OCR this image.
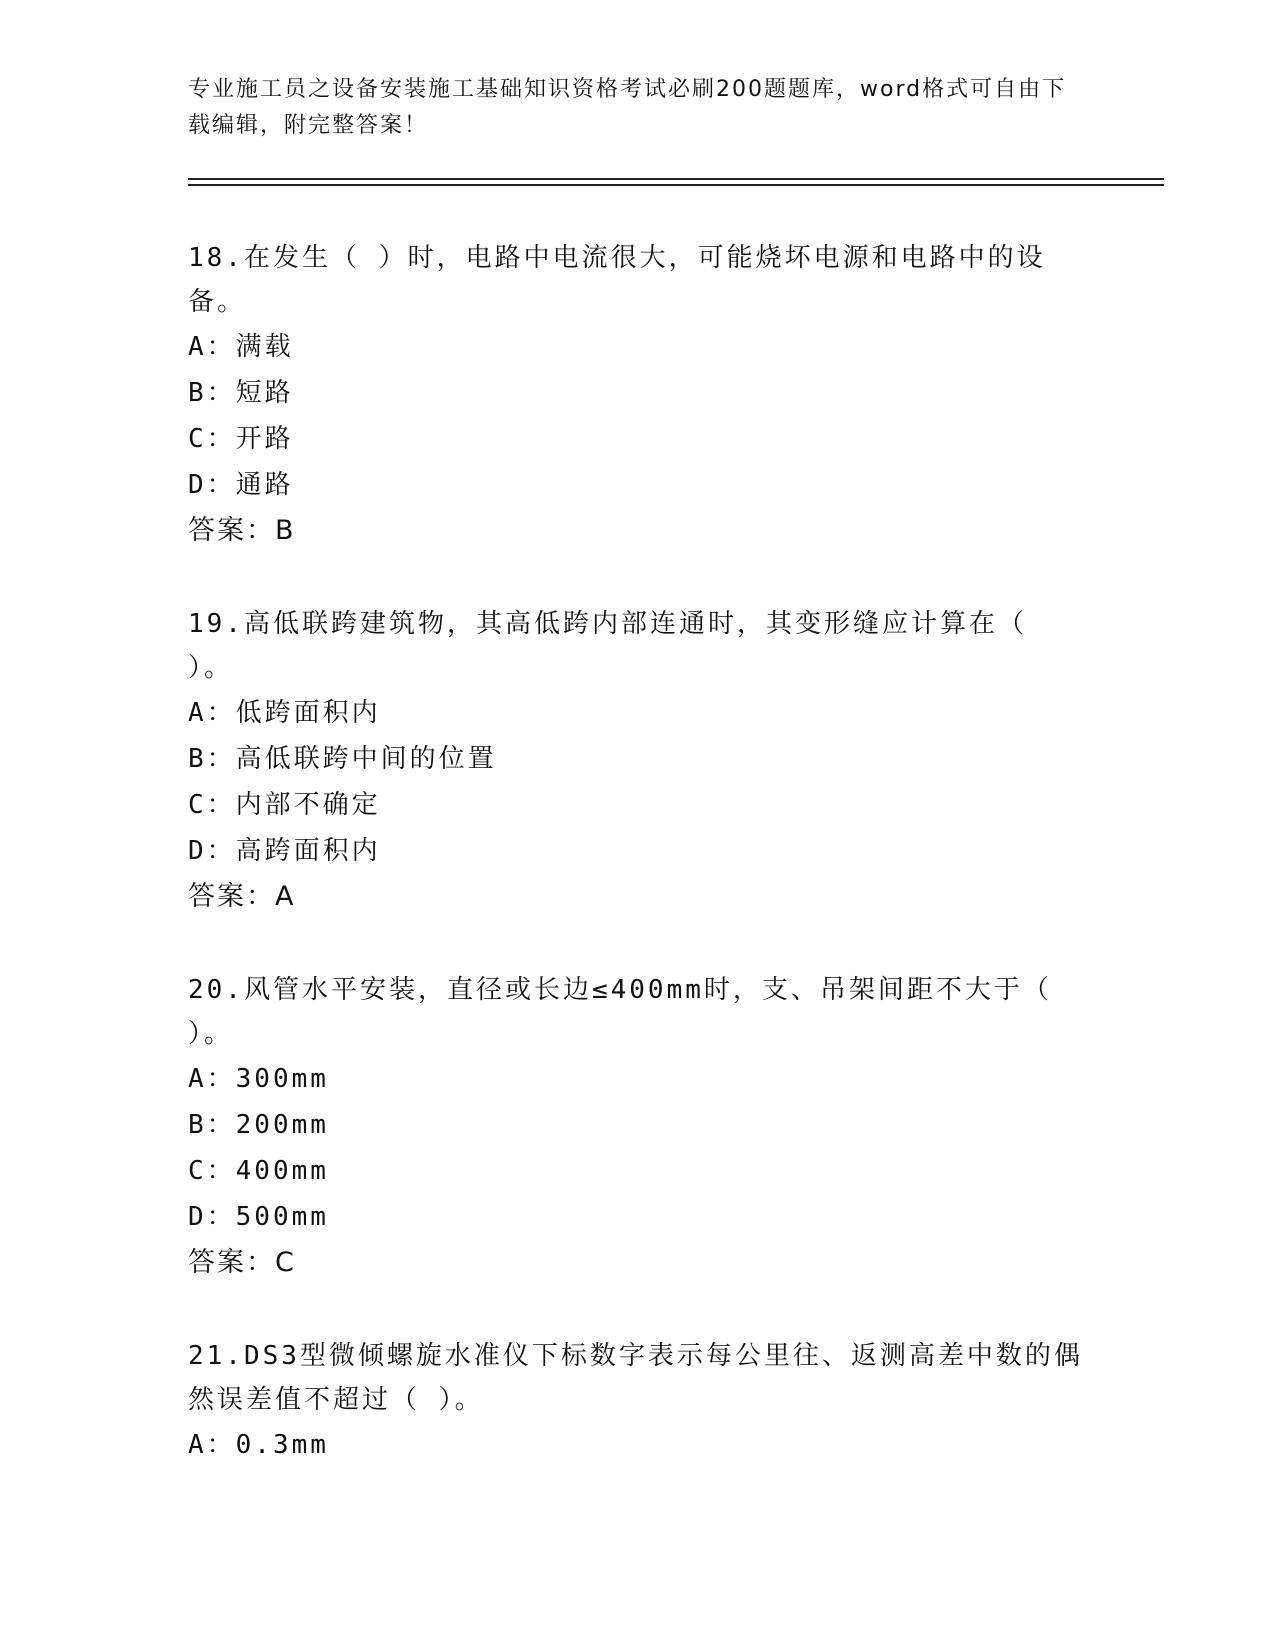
专业施工员之设备安装施工基础知识资格考试必刷200题题库，word格式可自由下载编辑，附完整答案！

18.在发生（ ）时，电路中电流很大，可能烧坏电源和电路中的设备。

A：满载

B：短路

C：开路

D：通路

答案：B

19.高低联跨建筑物，其高低跨内部连通时，其变形缝应计算在（ ）。

A：低跨面积内

B：高低联跨中间的位置

C：内部不确定

D：高跨面积内

答案：A

20.风管水平安装，直径或长边≤400mm时，支、吊架间距不大于（ ）。

A：300mm

B：200mm

C：400mm

D：500mm

答案：C

21.DS3型微倾螺旋水准仪下标数字表示每公里往、返测高差中数的偶然误差值不超过（ ）。

A：0.3mm
